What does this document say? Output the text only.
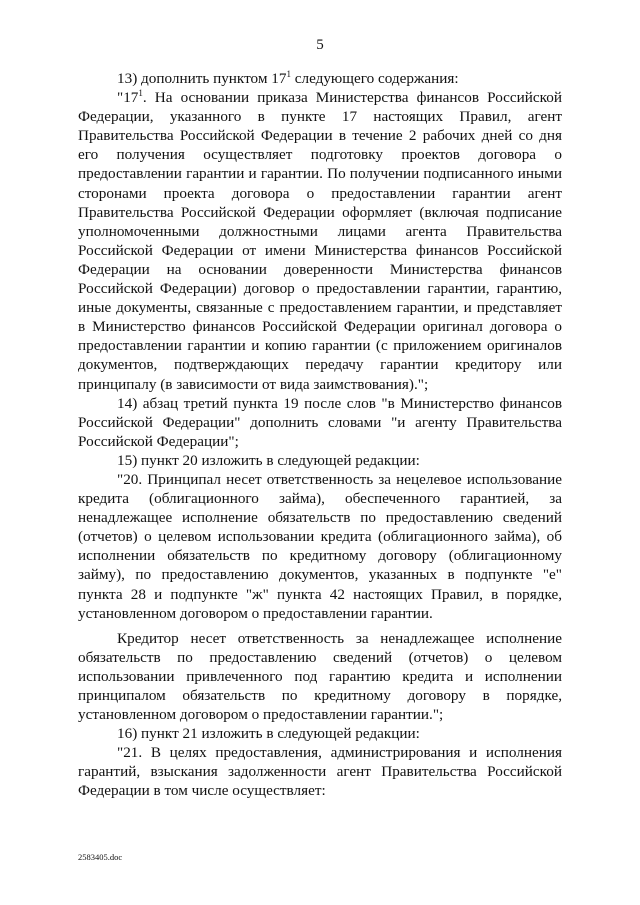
5

13) дополнить пунктом $17^1$ следующего содержания:

"$17^1$. На основании приказа Министерства финансов Российской Федерации, указанного в пункте 17 настоящих Правил, агент Правительства Российской Федерации в течение 2 рабочих дней со дня его получения осуществляет подготовку проектов договора о предоставлении гарантии и гарантии. По получении подписанного иными сторонами проекта договора о предоставлении гарантии агент Правительства Российской Федерации оформляет (включая подписание уполномоченными должностными лицами агента Правительства Российской Федерации от имени Министерства финансов Российской Федерации на основании доверенности Министерства финансов Российской Федерации) договор о предоставлении гарантии, гарантию, иные документы, связанные с предоставлением гарантии, и представляет в Министерство финансов Российской Федерации оригинал договора о предоставлении гарантии и копию гарантии (с приложением оригиналов документов, подтверждающих передачу гарантии кредитору или принципалу (в зависимости от вида заимствования).";

14) абзац третий пункта 19 после слов "в Министерство финансов Российской Федерации" дополнить словами "и агенту Правительства Российской Федерации";

15) пункт 20 изложить в следующей редакции:

"20. Принципал несет ответственность за нецелевое использование кредита (облигационного займа), обеспеченного гарантией, за ненадлежащее исполнение обязательств по предоставлению сведений (отчетов) о целевом использовании кредита (облигационного займа), об исполнении обязательств по кредитному договору (облигационному займу), по предоставлению документов, указанных в подпункте "е" пункта 28 и подпункте "ж" пункта 42 настоящих Правил, в порядке, установленном договором о предоставлении гарантии.

Кредитор несет ответственность за ненадлежащее исполнение обязательств по предоставлению сведений (отчетов) о целевом использовании привлеченного под гарантию кредита и исполнении принципалом обязательств по кредитному договору в порядке, установленном договором о предоставлении гарантии.";

16) пункт 21 изложить в следующей редакции:

"21. В целях предоставления, администрирования и исполнения гарантий, взыскания задолженности агент Правительства Российской Федерации в том числе осуществляет:

2583405.doc
